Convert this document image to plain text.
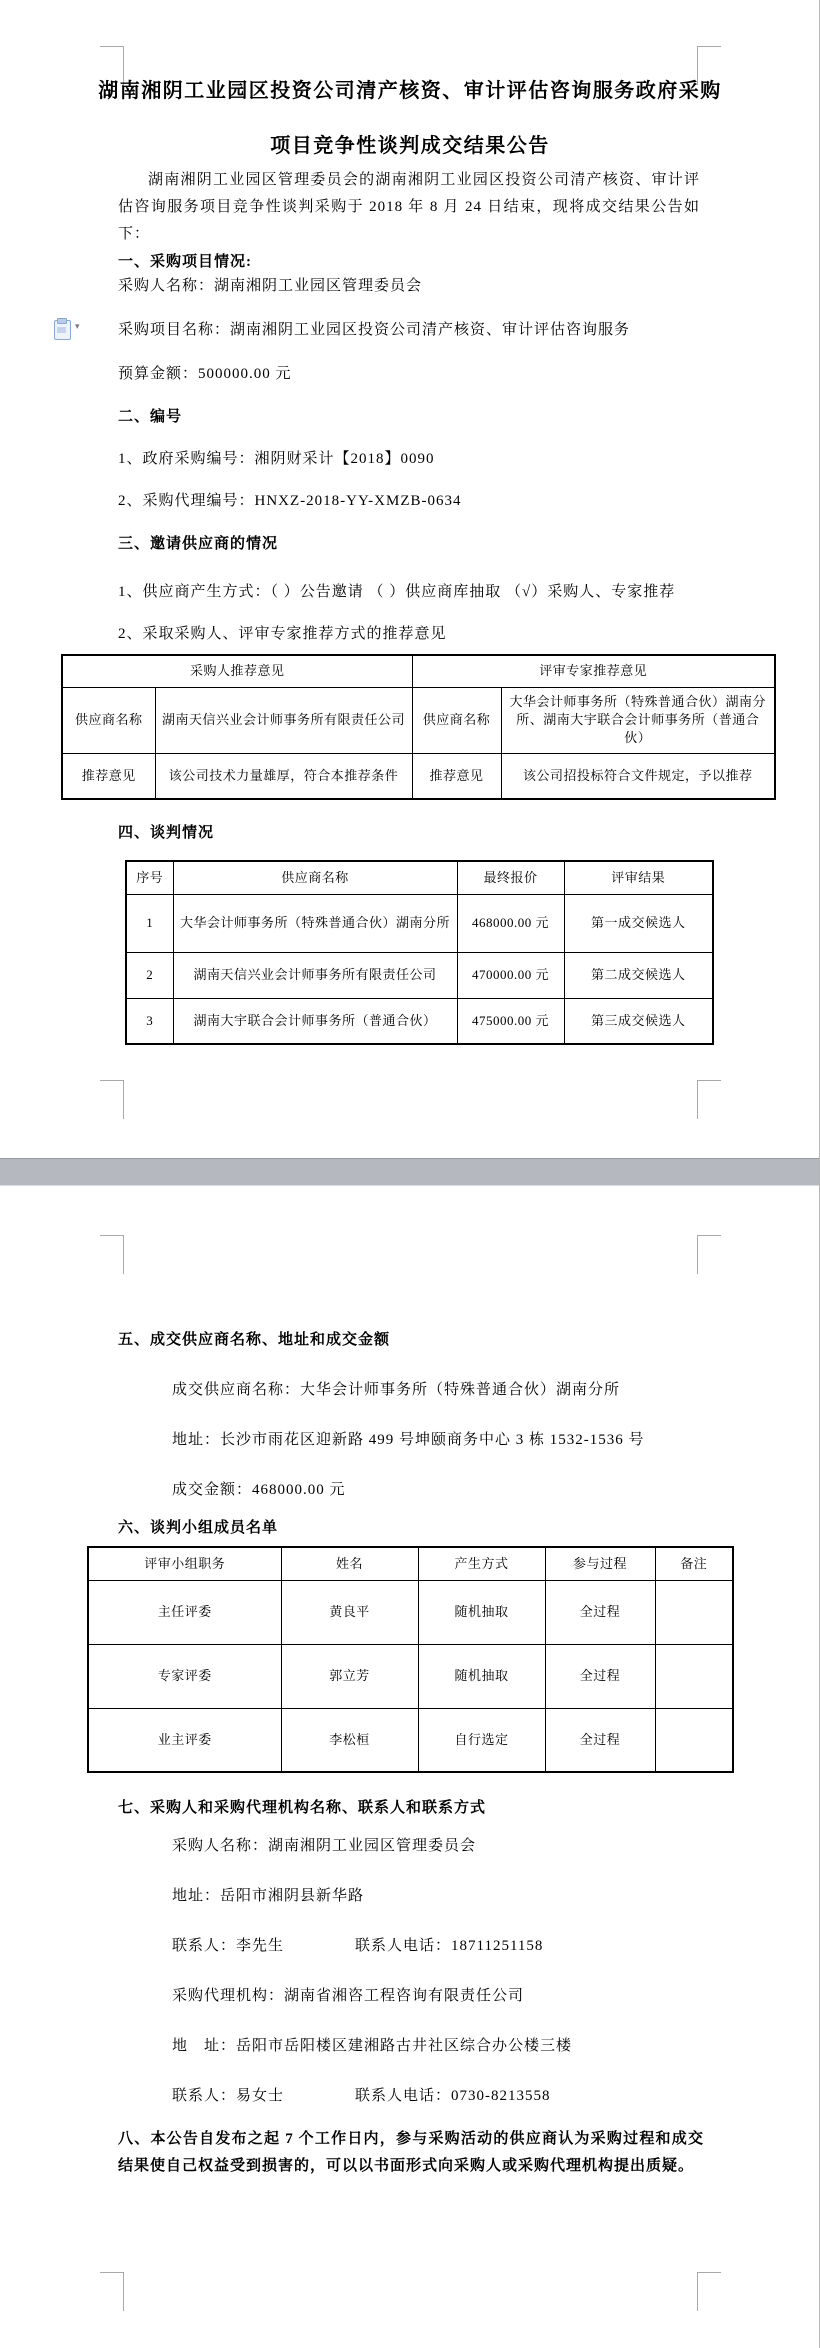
湖南湘阴工业园区投资公司清产核资、审计评估咨询服务政府采购
项目竞争性谈判成交结果公告
湖南湘阴工业园区管理委员会的湖南湘阴工业园区投资公司清产核资、审计评估咨询服务项目竞争性谈判采购于 2018 年 8 月 24 日结束，现将成交结果公告如下：
一、采购项目情况:
采购人名称：湖南湘阴工业园区管理委员会
采购项目名称：湖南湘阴工业园区投资公司清产核资、审计评估咨询服务
预算金额：500000.00 元
▾
二、编号
1、政府采购编号：湘阴财采计【2018】0090
2、采购代理编号：HNXZ-2018-YY-XMZB-0634
三、邀请供应商的情况
1、供应商产生方式：（ ）公告邀请 （ ）供应商库抽取 （√）采购人、专家推荐
2、采取采购人、评审专家推荐方式的推荐意见
采购人推荐意见		评审专家推荐意见	
供应商名称	湖南天信兴业会计师事务所有限责任公司	供应商名称	大华会计师事务所（特殊普通合伙）湖南分所、湖南大宇联合会计师事务所（普通合伙）
推荐意见	该公司技术力量雄厚，符合本推荐条件	推荐意见	该公司招投标符合文件规定，予以推荐
四、谈判情况
序号	供应商名称	最终报价	评审结果
1	大华会计师事务所（特殊普通合伙）湖南分所	468000.00 元	第一成交候选人
2	湖南天信兴业会计师事务所有限责任公司	470000.00 元	第二成交候选人
3	湖南大宇联合会计师事务所（普通合伙）	475000.00 元	第三成交候选人
五、成交供应商名称、地址和成交金额
成交供应商名称：大华会计师事务所（特殊普通合伙）湖南分所
地址：长沙市雨花区迎新路 499 号坤颐商务中心 3 栋 1532-1536 号
成交金额：468000.00 元
六、谈判小组成员名单
评审小组职务	姓名	产生方式	参与过程	备注
主任评委	黄良平	随机抽取	全过程	
专家评委	郭立芳	随机抽取	全过程	
业主评委	李松桓	自行选定	全过程	
七、采购人和采购代理机构名称、联系人和联系方式
采购人名称：湖南湘阴工业园区管理委员会
地址：岳阳市湘阴县新华路
联系人：李先生	联系人电话：18711251158
采购代理机构：湖南省湘咨工程咨询有限责任公司
地　址：岳阳市岳阳楼区建湘路古井社区综合办公楼三楼
联系人：易女士	联系人电话：0730-8213558
八、本公告自发布之起 7 个工作日内，参与采购活动的供应商认为采购过程和成交结果使自己权益受到损害的，可以以书面形式向采购人或采购代理机构提出质疑。
